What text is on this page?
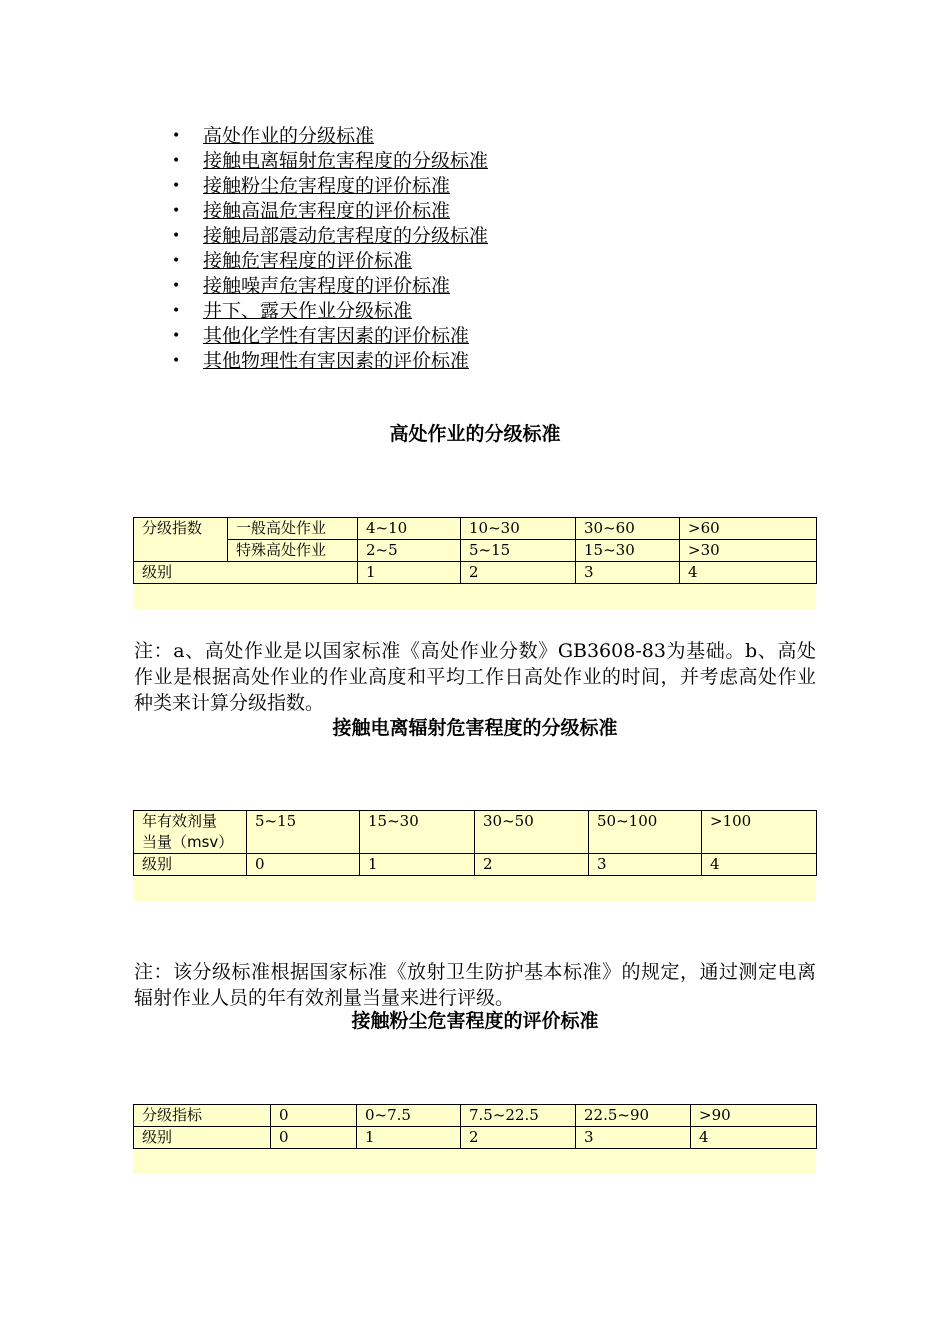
• 高处作业的分级标准
• 接触电离辐射危害程度的分级标准
• 接触粉尘危害程度的评价标准
• 接触高温危害程度的评价标准
• 接触局部震动危害程度的分级标准
• 接触危害程度的评价标准
• 接触噪声危害程度的评价标准
• 井下、露天作业分级标准
• 其他化学性有害因素的评价标准
• 其他物理性有害因素的评价标准
高处作业的分级标准
分级指数	一般高处作业	4~10	10~30	30~60	>60
	特殊高处作业	2~5	5~15	15~30	>30
级别		1	2	3	4
注：a、高处作业是以国家标准《高处作业分数》GB3608-83为基础。b、高处作业是根据高处作业的作业高度和平均工作日高处作业的时间，并考虑高处作业种类来计算分级指数。
接触电离辐射危害程度的分级标准
年有效剂量
当量（msv）	5~15	15~30	30~50	50~100	>100
级别	0	1	2	3	4
注：该分级标准根据国家标准《放射卫生防护基本标准》的规定，通过测定电离辐射作业人员的年有效剂量当量来进行评级。
接触粉尘危害程度的评价标准
分级指标	0	0~7.5	7.5~22.5	22.5~90	>90
级别	0	1	2	3	4
